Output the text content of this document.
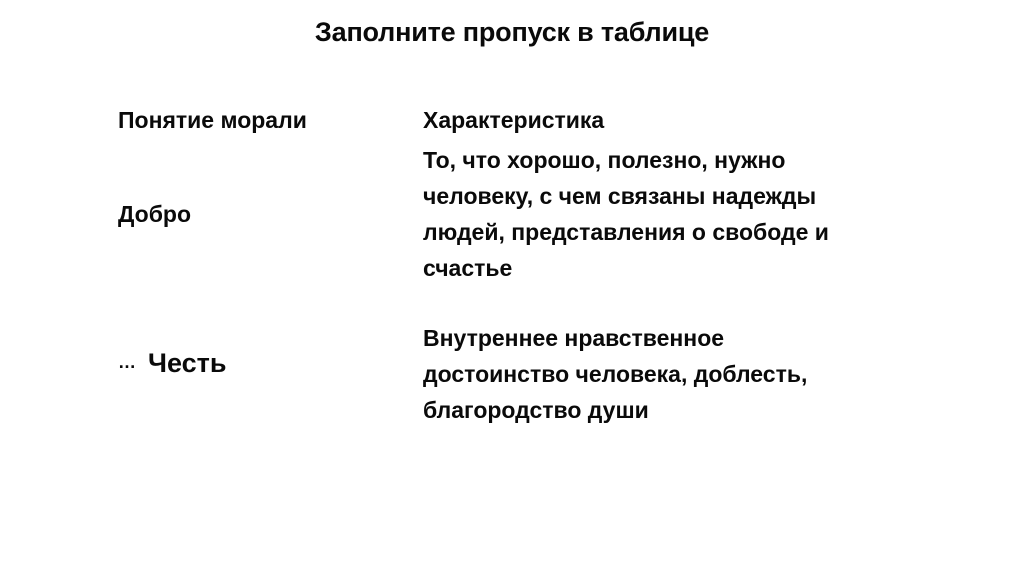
Заполните пропуск в таблице
Понятие морали	Характеристика
Добро
То, что хорошо, полезно, нужно
человеку, с чем связаны надежды
людей, представления о свободе и
счастье
… Честь
Внутреннее нравственное
достоинство человека, доблесть,
благородство души
